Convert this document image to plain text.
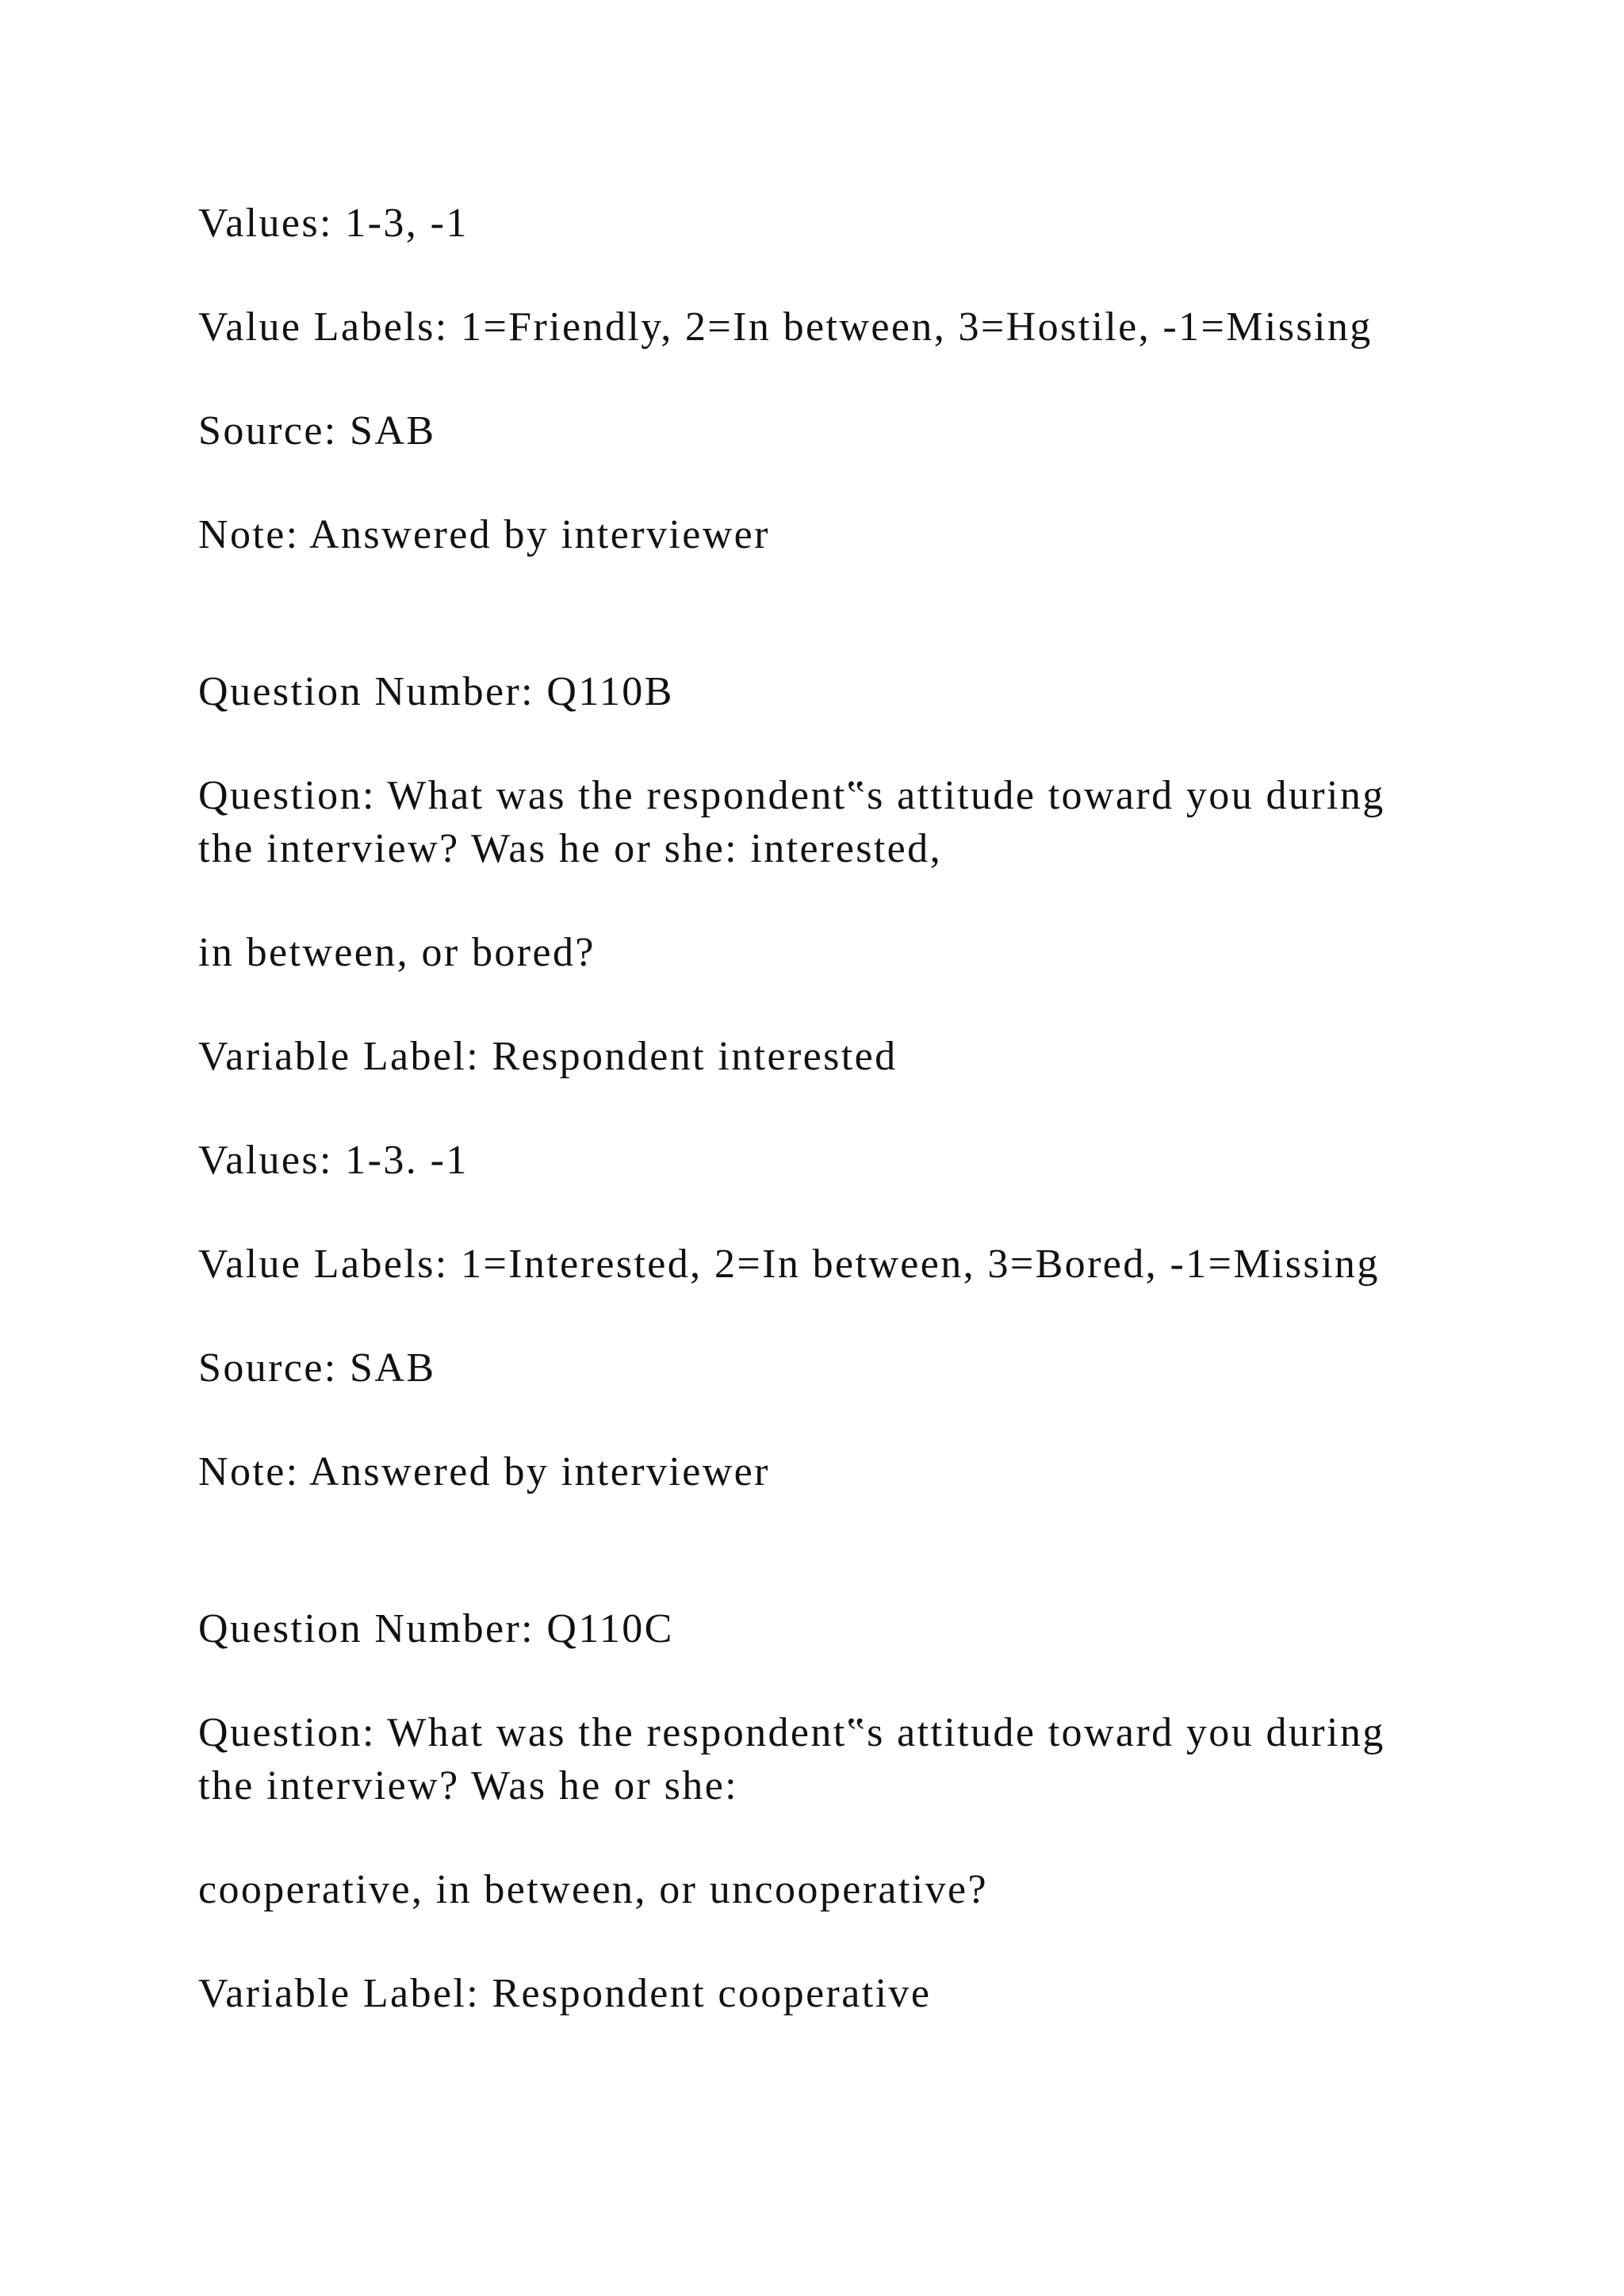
Values: 1-3, -1
Value Labels: 1=Friendly, 2=In between, 3=Hostile, -1=Missing
Source: SAB
Note: Answered by interviewer
Question Number: Q110B
Question: What was the respondent‟s attitude toward you during
the interview? Was he or she: interested,
in between, or bored?
Variable Label: Respondent interested
Values: 1-3. -1
Value Labels: 1=Interested, 2=In between, 3=Bored, -1=Missing
Source: SAB
Note: Answered by interviewer
Question Number: Q110C
Question: What was the respondent‟s attitude toward you during
the interview? Was he or she:
cooperative, in between, or uncooperative?
Variable Label: Respondent cooperative
